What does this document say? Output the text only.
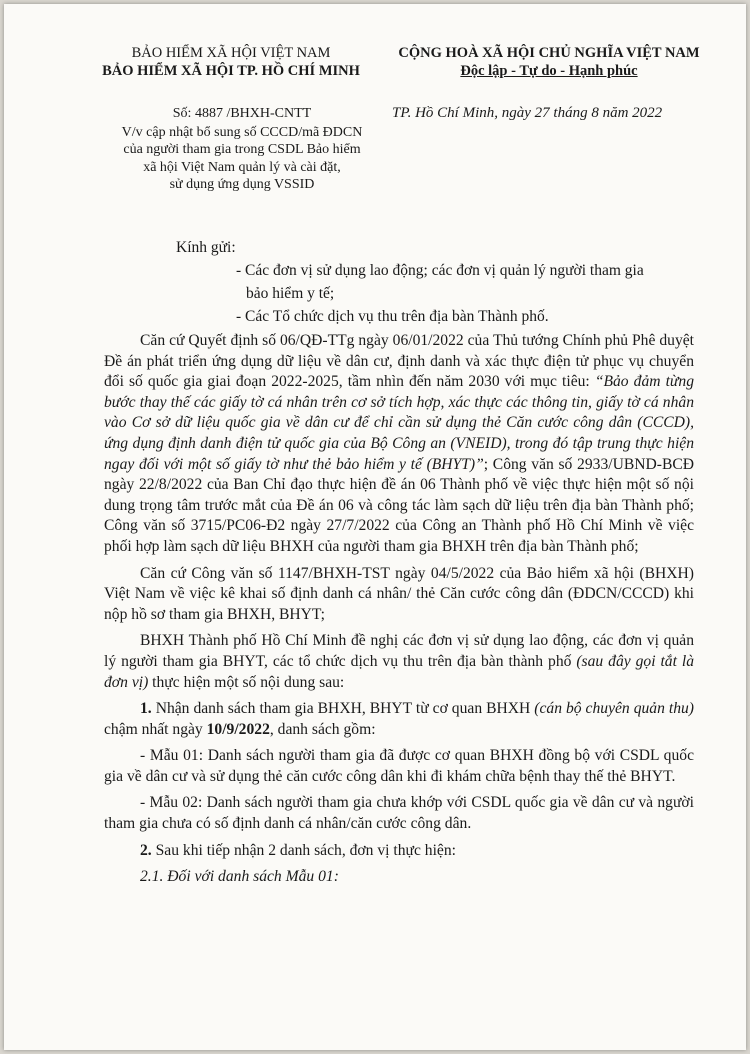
BẢO HIỂM XÃ HỘI VIỆT NAM
BẢO HIỂM XÃ HỘI TP. HỒ CHÍ MINH
CỘNG HOÀ XÃ HỘI CHỦ NGHĨA VIỆT NAM
Độc lập - Tự do - Hạnh phúc
Số: 4887 /BHXH-CNTT
V/v cập nhật bổ sung số CCCD/mã ĐDCN
của người tham gia trong CSDL Bảo hiểm
xã hội Việt Nam quản lý và cài đặt,
sử dụng ứng dụng VSSID
TP. Hồ Chí Minh, ngày 27 tháng 8 năm 2022
Kính gửi:
- Các đơn vị sử dụng lao động; các đơn vị quản lý người tham gia bảo hiểm y tế;
- Các Tổ chức dịch vụ thu trên địa bàn Thành phố.

Căn cứ Quyết định số 06/QĐ-TTg ngày 06/01/2022 của Thủ tướng Chính phủ Phê duyệt Đề án phát triển ứng dụng dữ liệu về dân cư, định danh và xác thực điện tử phục vụ chuyển đổi số quốc gia giai đoạn 2022-2025, tầm nhìn đến năm 2030 với mục tiêu: “Bảo đảm từng bước thay thế các giấy tờ cá nhân trên cơ sở tích hợp, xác thực các thông tin, giấy tờ cá nhân vào Cơ sở dữ liệu quốc gia về dân cư để chỉ cần sử dụng thẻ Căn cước công dân (CCCD), ứng dụng định danh điện tử quốc gia của Bộ Công an (VNEID), trong đó tập trung thực hiện ngay đối với một số giấy tờ như thẻ bảo hiểm y tế (BHYT)”; Công văn số 2933/UBND-BCĐ ngày 22/8/2022 của Ban Chỉ đạo thực hiện đề án 06 Thành phố về việc thực hiện một số nội dung trọng tâm trước mắt của Đề án 06 và công tác làm sạch dữ liệu trên địa bàn Thành phố; Công văn số 3715/PC06-Đ2 ngày 27/7/2022 của Công an Thành phố Hồ Chí Minh về việc phối hợp làm sạch dữ liệu BHXH của người tham gia BHXH trên địa bàn Thành phố;

Căn cứ Công văn số 1147/BHXH-TST ngày 04/5/2022 của Bảo hiểm xã hội (BHXH) Việt Nam về việc kê khai số định danh cá nhân/ thẻ Căn cước công dân (ĐDCN/CCCD) khi nộp hồ sơ tham gia BHXH, BHYT;

BHXH Thành phố Hồ Chí Minh đề nghị các đơn vị sử dụng lao động, các đơn vị quản lý người tham gia BHYT, các tổ chức dịch vụ thu trên địa bàn thành phố (sau đây gọi tắt là đơn vị) thực hiện một số nội dung sau:

1. Nhận danh sách tham gia BHXH, BHYT từ cơ quan BHXH (cán bộ chuyên quản thu) chậm nhất ngày 10/9/2022, danh sách gồm:

- Mẫu 01: Danh sách người tham gia đã được cơ quan BHXH đồng bộ với CSDL quốc gia về dân cư và sử dụng thẻ căn cước công dân khi đi khám chữa bệnh thay thế thẻ BHYT.

- Mẫu 02: Danh sách người tham gia chưa khớp với CSDL quốc gia về dân cư và người tham gia chưa có số định danh cá nhân/căn cước công dân.

2. Sau khi tiếp nhận 2 danh sách, đơn vị thực hiện:

2.1. Đối với danh sách Mẫu 01:
